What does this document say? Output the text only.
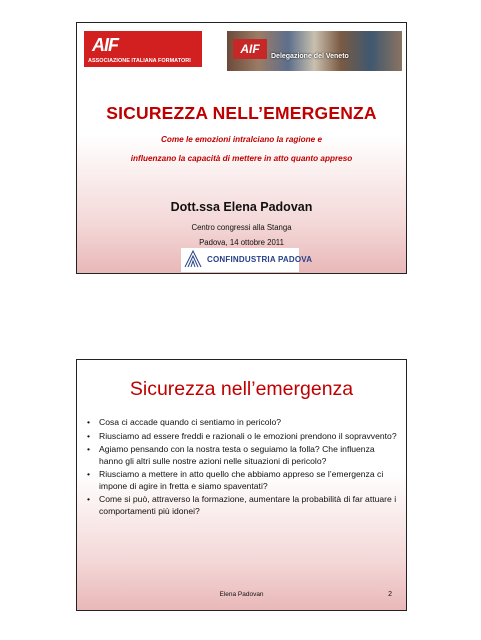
AIF
ASSOCIAZIONE ITALIANA FORMATORI
AIF
Delegazione del Veneto
SICUREZZA NELL’EMERGENZA
Come le emozioni intralciano la ragione e
influenzano la capacità di mettere in atto quanto appreso
Dott.ssa Elena Padovan
Centro congressi alla Stanga
Padova, 14 ottobre 2011
CONFINDUSTRIA PADOVA
Sicurezza nell’emergenza
• Cosa ci accade quando ci sentiamo in pericolo?
• Riusciamo ad essere freddi e razionali o le emozioni prendono il sopravvento?
• Agiamo pensando con la nostra testa o seguiamo la folla? Che influenza hanno gli altri sulle nostre azioni nelle situazioni di pericolo?
• Riusciamo a mettere in atto quello che abbiamo appreso se l’emergenza ci impone di agire in fretta e siamo spaventati?
• Come si può, attraverso la formazione, aumentare la probabilità di far attuare i comportamenti più idonei?
Elena Padovan	2
